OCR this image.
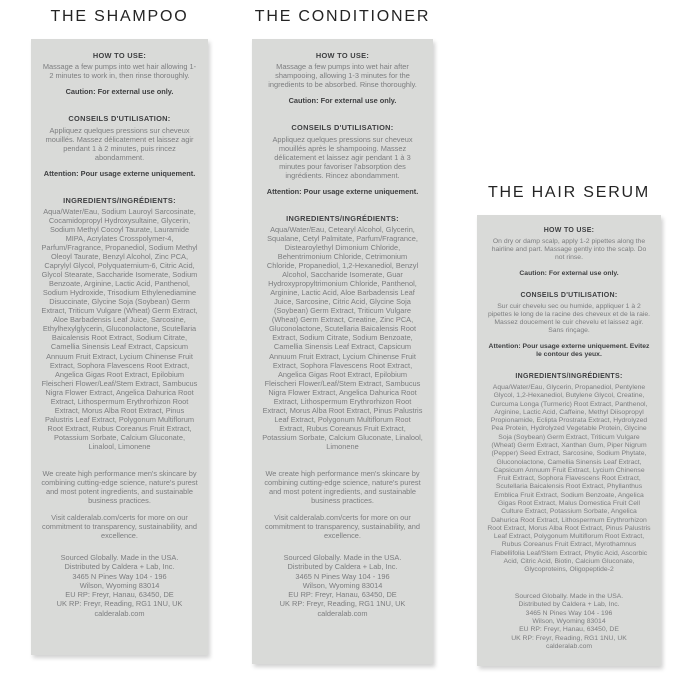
THE SHAMPOO
HOW TO USE:
Massage a few pumps into wet hair allowing 1-2 minutes to work in, then rinse thoroughly.
Caution: For external use only.
CONSEILS D'UTILISATION:
Appliquez quelques pressions sur cheveux mouillés. Massez délicatement et laissez agir pendant 1 à 2 minutes, puis rincez abondamment.
Attention: Pour usage externe uniquement.
INGREDIENTS/INGRÉDIENTS:
Aqua/Water/Eau, Sodium Lauroyl Sarcosinate, Cocamidopropyl Hydroxysultaine, Glycerin, Sodium Methyl Cocoyl Taurate, Lauramide MIPA, Acrylates Crosspolymer-4, Parfum/Fragrance, Propanediol, Sodium Methyl Oleoyl Taurate, Benzyl Alcohol, Zinc PCA, Caprylyl Glycol, Polyquaternium-6, Citric Acid, Glycol Stearate, Saccharide Isomerate, Sodium Benzoate, Arginine, Lactic Acid, Panthenol, Sodium Hydroxide, Trisodium Ethylenediamine Disuccinate, Glycine Soja (Soybean) Germ Extract, Triticum Vulgare (Wheat) Germ Extract, Aloe Barbadensis Leaf Juice, Sarcosine, Ethylhexylglycerin, Gluconolactone, Scutellaria Baicalensis Root Extract, Sodium Citrate, Camellia Sinensis Leaf Extract, Capsicum Annuum Fruit Extract, Lycium Chinense Fruit Extract, Sophora Flavescens Root Extract, Angelica Gigas Root Extract, Epilobium Fleischeri Flower/Leaf/Stem Extract, Sambucus Nigra Flower Extract, Angelica Dahurica Root Extract, Lithospermum Erythrorhizon Root Extract, Morus Alba Root Extract, Pinus Palustris Leaf Extract, Polygonum Multiflorum Root Extract, Rubus Coreanus Fruit Extract, Potassium Sorbate, Calcium Gluconate, Linalool, Limonene
We create high performance men's skincare by combining cutting-edge science, nature's purest and most potent ingredients, and sustainable business practices.
Visit calderalab.com/certs for more on our commitment to transparency, sustainability, and excellence.
Sourced Globally. Made in the USA.
Distributed by Caldera + Lab, Inc.
3465 N Pines Way 104 - 196
Wilson, Wyoming 83014
EU RP: Freyr, Hanau, 63450, DE
UK RP: Freyr, Reading, RG1 1NU, UK
calderalab.com
THE CONDITIONER
HOW TO USE:
Massage a few pumps into wet hair after shampooing, allowing 1-3 minutes for the ingredients to be absorbed. Rinse thoroughly.
Caution: For external use only.
CONSEILS D'UTILISATION:
Appliquez quelques pressions sur cheveux mouillés après le shampooing. Massez délicatement et laissez agir pendant 1 à 3 minutes pour favoriser l'absorption des ingrédients. Rincez abondamment.
Attention: Pour usage externe uniquement.
INGREDIENTS/INGRÉDIENTS:
Aqua/Water/Eau, Cetearyl Alcohol, Glycerin, Squalane, Cetyl Palmitate, Parfum/Fragrance, Distearoylethyl Dimonium Chloride, Behentrimonium Chloride, Cetrimonium Chloride, Propanediol, 1,2-Hexanediol, Benzyl Alcohol, Saccharide Isomerate, Guar Hydroxypropyltrimonium Chloride, Panthenol, Arginine, Lactic Acid, Aloe Barbadensis Leaf Juice, Sarcosine, Citric Acid, Glycine Soja (Soybean) Germ Extract, Triticum Vulgare (Wheat) Germ Extract, Creatine, Zinc PCA, Gluconolactone, Scutellaria Baicalensis Root Extract, Sodium Citrate, Sodium Benzoate, Camellia Sinensis Leaf Extract, Capsicum Annuum Fruit Extract, Lycium Chinense Fruit Extract, Sophora Flavescens Root Extract, Angelica Gigas Root Extract, Epilobium Fleischeri Flower/Leaf/Stem Extract, Sambucus Nigra Flower Extract, Angelica Dahurica Root Extract, Lithospermum Erythrorhizon Root Extract, Morus Alba Root Extract, Pinus Palustris Leaf Extract, Polygonum Multiflorum Root Extract, Rubus Coreanus Fruit Extract, Potassium Sorbate, Calcium Gluconate, Linalool, Limonene
We create high performance men's skincare by combining cutting-edge science, nature's purest and most potent ingredients, and sustainable business practices.
Visit calderalab.com/certs for more on our commitment to transparency, sustainability, and excellence.
Sourced Globally. Made in the USA.
Distributed by Caldera + Lab, Inc.
3465 N Pines Way 104 - 196
Wilson, Wyoming 83014
EU RP: Freyr, Hanau, 63450, DE
UK RP: Freyr, Reading, RG1 1NU, UK
calderalab.com
THE HAIR SERUM
HOW TO USE:
On dry or damp scalp, apply 1-2 pipettes along the hairline and part. Massage gently into the scalp. Do not rinse.
Caution: For external use only.
CONSEILS D'UTILISATION:
Sur cuir chevelu sec ou humide, appliquer 1 à 2 pipettes le long de la racine des cheveux et de la raie. Massez doucement le cuir chevelu et laissez agir. Sans rinçage.
Attention: Pour usage externe uniquement. Evitez le contour des yeux.
INGREDIENTS/INGRÉDIENTS:
Aqua/Water/Eau, Glycerin, Propanediol, Pentylene Glycol, 1,2-Hexanediol, Butylene Glycol, Creatine, Curcuma Longa (Turmeric) Root Extract, Panthenol, Arginine, Lactic Acid, Caffeine, Methyl Diisopropyl Propionamide, Eclipta Prostrata Extract, Hydrolyzed Pea Protein, Hydrolyzed Vegetable Protein, Glycine Soja (Soybean) Germ Extract, Triticum Vulgare (Wheat) Germ Extract, Xanthan Gum, Piper Nigrum (Pepper) Seed Extract, Sarcosine, Sodium Phytate, Gluconolactone, Camellia Sinensis Leaf Extract, Capsicum Annuum Fruit Extract, Lycium Chinense Fruit Extract, Sophora Flavescens Root Extract, Scutellaria Baicalensis Root Extract, Phyllanthus Emblica Fruit Extract, Sodium Benzoate, Angelica Gigas Root Extract, Malus Domestica Fruit Cell Culture Extract, Potassium Sorbate, Angelica Dahurica Root Extract, Lithospermum Erythrorhizon Root Extract, Morus Alba Root Extract, Pinus Palustris Leaf Extract, Polygonum Multiflorum Root Extract, Rubus Coreanus Fruit Extract, Myrothamnus Flabellifolia Leaf/Stem Extract, Phytic Acid, Ascorbic Acid, Citric Acid, Biotin, Calcium Gluconate, Glycoproteins, Oligopeptide-2
Sourced Globally. Made in the USA.
Distributed by Caldera + Lab, Inc.
3465 N Pines Way 104 - 196
Wilson, Wyoming 83014
EU RP: Freyr, Hanau, 63450, DE
UK RP: Freyr, Reading, RG1 1NU, UK
calderalab.com
